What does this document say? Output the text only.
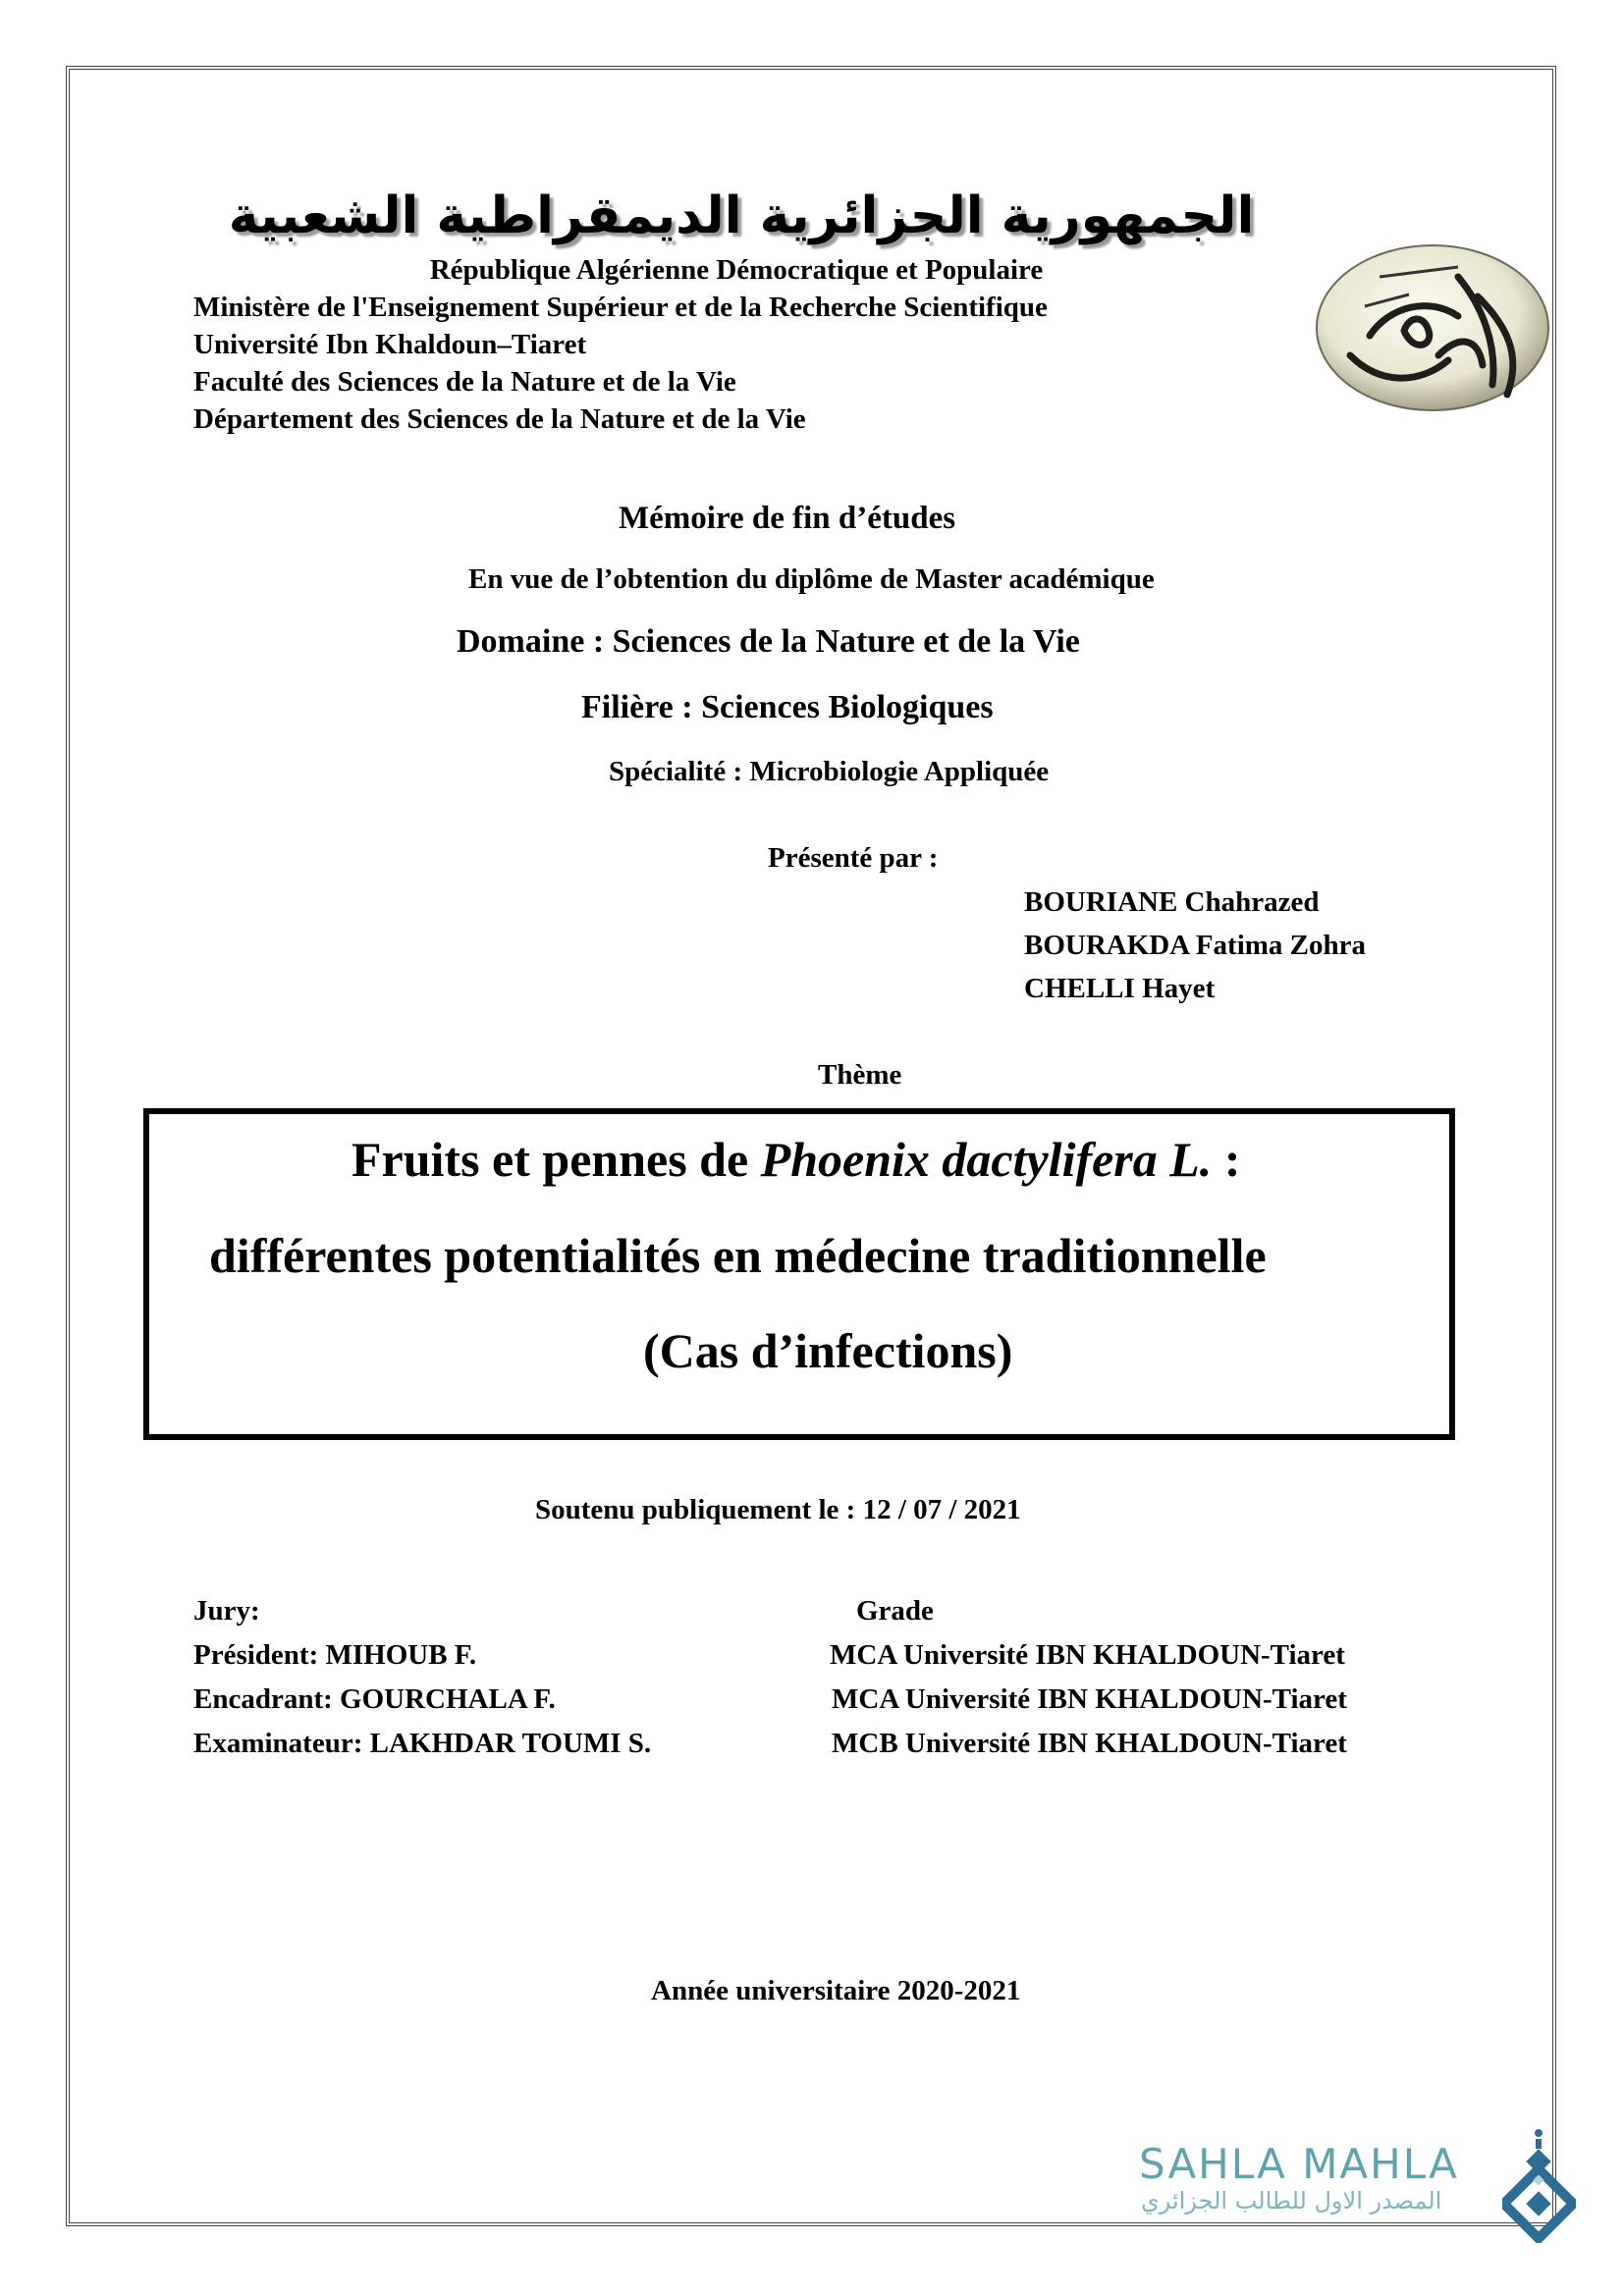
الجمهورية الجزائرية الديمقراطية الشعبية
République Algérienne Démocratique et Populaire
Ministère de l'Enseignement Supérieur et de la Recherche Scientifique
Université Ibn Khaldoun–Tiaret
Faculté des Sciences de la Nature et de la Vie
Département des Sciences de la Nature et de la Vie
Mémoire de fin d’études
En vue de l’obtention du diplôme de Master académique
Domaine : Sciences de la Nature et de la Vie
Filière : Sciences Biologiques
Spécialité : Microbiologie Appliquée
Présenté par :
BOURIANE Chahrazed
BOURAKDA Fatima Zohra
CHELLI Hayet
Thème
Fruits et pennes de Phoenix dactylifera L. :
différentes potentialités en médecine traditionnelle
(Cas d’infections)
Soutenu publiquement le : 12 / 07 / 2021
Jury:	Grade
Président: MIHOUB F.	MCA Université IBN KHALDOUN-Tiaret
Encadrant: GOURCHALA F.	MCA Université IBN KHALDOUN-Tiaret
Examinateur: LAKHDAR TOUMI S.	MCB Université IBN KHALDOUN-Tiaret
Année universitaire 2020-2021
SAHLA MAHLA
المصدر الاول للطالب الجزائري
